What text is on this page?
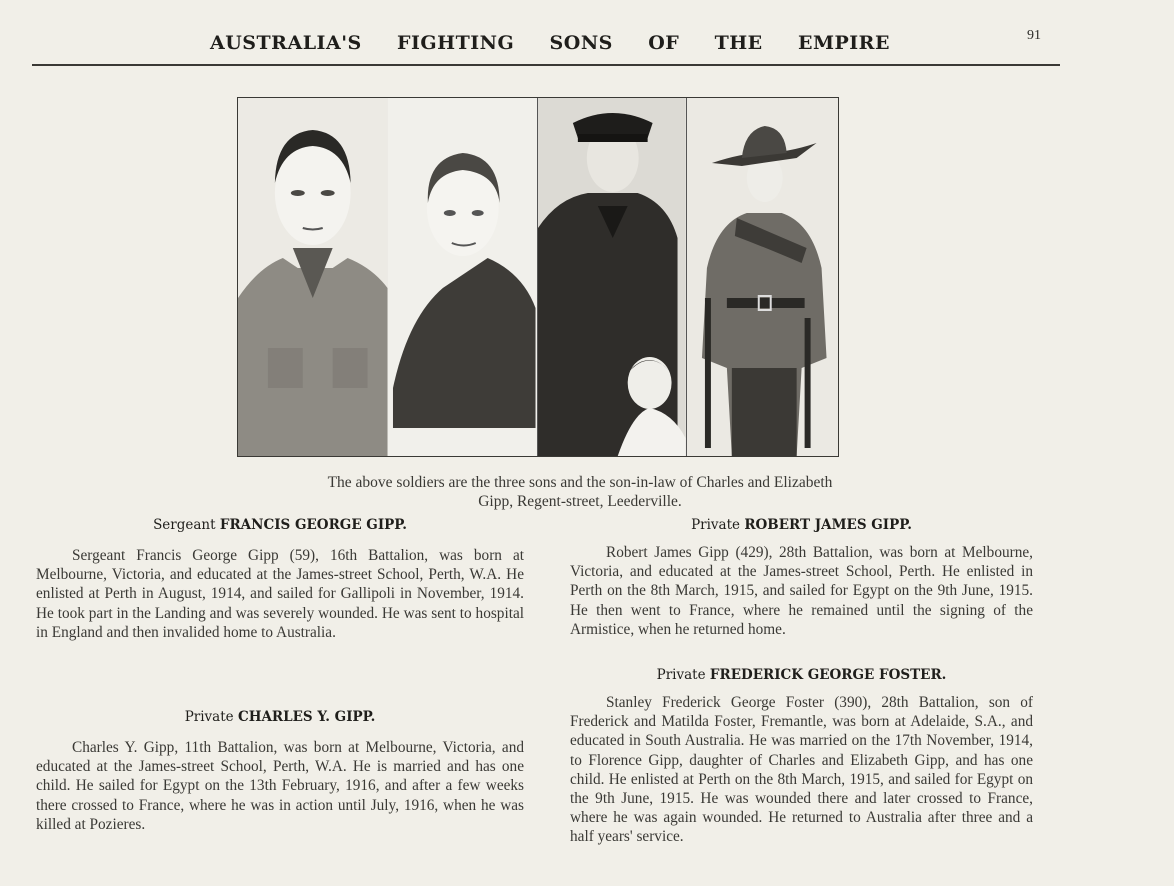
AUSTRALIA'S FIGHTING SONS OF THE EMPIRE	91
The above soldiers are the three sons and the son-in-law of Charles and Elizabeth
Gipp, Regent-street, Leederville.
Sergeant FRANCIS GEORGE GIPP.

Sergeant Francis George Gipp (59), 16th Battalion, was born at Melbourne, Victoria, and educated at the James-street School, Perth, W.A. He enlisted at Perth in August, 1914, and sailed for Gallipoli in November, 1914. He took part in the Landing and was severely wounded. He was sent to hospital in England and then invalided home to Australia.

Private CHARLES Y. GIPP.

Charles Y. Gipp, 11th Battalion, was born at Melbourne, Victoria, and educated at the James-street School, Perth, W.A. He is married and has one child. He sailed for Egypt on the 13th February, 1916, and after a few weeks there crossed to France, where he was in action until July, 1916, when he was killed at Pozieres.

Private ROBERT JAMES GIPP.

Robert James Gipp (429), 28th Battalion, was born at Melbourne, Victoria, and educated at the James-street School, Perth. He enlisted in Perth on the 8th March, 1915, and sailed for Egypt on the 9th June, 1915. He then went to France, where he remained until the signing of the Armistice, when he returned home.

Private FREDERICK GEORGE FOSTER.

Stanley Frederick George Foster (390), 28th Battalion, son of Frederick and Matilda Foster, Fremantle, was born at Adelaide, S.A., and educated in South Australia. He was married on the 17th November, 1914, to Florence Gipp, daughter of Charles and Elizabeth Gipp, and has one child. He enlisted at Perth on the 8th March, 1915, and sailed for Egypt on the 9th June, 1915. He was wounded there and later crossed to France, where he was again wounded. He returned to Australia after three and a half years' service.
